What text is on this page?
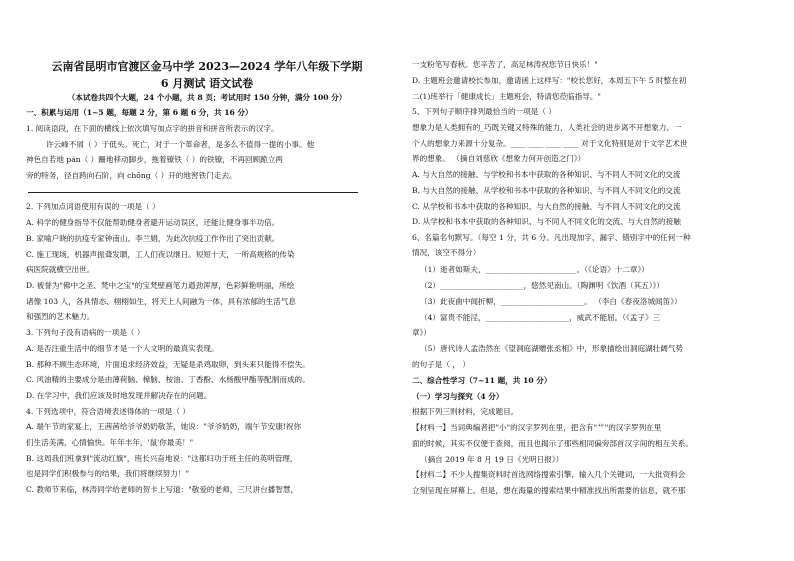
云南省昆明市官渡区金马中学 2023—2024 学年八年级下学期
6 月测试 语文试卷
（本试卷共四个大题，24 个小题，共 8 页；考试用时 150 分钟，满分 100 分）
一、积累与运用（1~5 题，每题 2 分，第 6 题 6 分，共 16 分）
1. 阅读语段，在下面的横线上依次填写加点字的拼音和拼音所表示的汉字。
许云峰不屑（ ）于低头。死亡，对于一个革命者，是多么不值得一提的小事。他
神色自若地 pán（ ）跚地移动脚步，拖着镣铁（ ）的铁镣，不再回顾跪立两
旁的特务，径自跨向石阶，向 chōng（ ）开的地窖铁门走去。
2. 下列加点词语使用有误的一项是（ ）
A. 科学的健身指导不仅能帮助健身者避开运动误区，还能让健身事半功倍。
B. 家喻户晓的抗疫专家钟南山、李兰娟，为此次抗疫工作作出了突出贡献。
C. 施工现场，机器声振聋发聩，工人们夜以继日。短短十天，一所高规格的传染
病医院就横空出世。
D. 被誉为"佛中之圣、梵中之宝"的宝梵壁画笔力遒劲浑厚，色彩鲜艳明丽，所绘
诸像 103 人，各具情态、栩栩如生，将天上人间融为一体，具有浓郁的生活气息
和强烈的艺术魅力。
3. 下列句子没有语病的一项是（ ）
A. 是否注重生活中的细节才是一个人文明的最真实表现。
B. 那种不顾生态环境，片面追求经济效益，无疑是杀鸡取卵，到头来只能得不偿失。
C. 风油精的主要成分是由薄荷脑、樟脑、桉油、丁香酚、水杨酸甲酯等配制而成的。
D. 在学习中，我们应该及时地发现并解决存在的问题。
4. 下列选项中，符合语境表述得体的一项是（ ）
A. 端午节的家宴上，王茜茜给爷爷奶奶敬茶，她说："爷爷奶奶，端午节安康!祝你
们生活美满，心情愉快。年年丰年，'鼠'你最美！"
B. 这周我们班拿到"流动红旗"，班长兴奋地说："这都归功于班主任的英明管理，
也是同学们积极参与的结果，我们将继续努力！"
C. 教师节来临，林涛同学给老师的贺卡上写道："敬爱的老师，三尺讲台播智慧，
一支粉笔写春秋。您辛苦了，高足林涛祝您节日快乐！"
D. 主题班会邀请校长参加，邀请函上这样写："校长您好，本周五下午 5 时整在初
二(1)班举行「健康成长」主题班会，特请您莅临指导。"
5、下列句子顺序排列最恰当的一项是（ ）
想象力是人类拥有的_巧既关键又特殊的能力，人类社会的进步离不开想象力。一
个人的想象力来源十分复杂。____ ____ ____ ____ 对于文化特别是对于文学艺术世
界的想象。 （摘自刘慈欣《想象力何开创造之门》）
A. 与大自然的接触、与学校和书本中获取的各种知识、与不同人不同文化的交流
B. 与大自然的接触、从学校和书本中获取的各种知识、与不同人不同文化的交流
C. 从学校和书本中获取的各种知识、与大自然的接触、与不同人不同文化的交流
D. 从学校和书本中获取的各种知识、与不同人不同文化的交流、与大自然的接触
6、名篇名句默写。（每空 1 分，共 6 分。凡出现加字、漏字、错别字中的任何一种
情况，该空不得分）
（1）逝者如斯夫，________________________。（《论语》十二章》）
（2）______________________，悠然见南山。（陶渊明《饮酒（其五）》）
（3）此夜曲中闻折柳，______________________。 （李白《春夜洛城闻笛》）
（4）富贵不能淫，______________________，威武不能屈。（《孟子》三
章》）
（5）唐代诗人孟浩然在《望洞庭湖赠张丞相》中，形象描绘出洞庭湖壮阔气势
的句子是（ ， ）
二、综合性学习（7~11 题，共 10 分）
（一）学习与探究（4 分）
根据下列三则材料，完成题目。
【材料一】当词典编者把"小"的汉字罗列在里，把含有"艹"的汉字罗列在里
面的时候，其实不仅便于查阅，而且也揭示了那些相同偏旁部首汉字间的相互关系。
（摘自 2019 年 8 月 19 日《光明日报》）
【材料二】不少人搜集资料时首选网络搜索引擎，输入几个关键词，一大批资料会
立刻呈现在屏幕上。但是，想在海量的搜索结果中精准找出所需要的信息，就不那
